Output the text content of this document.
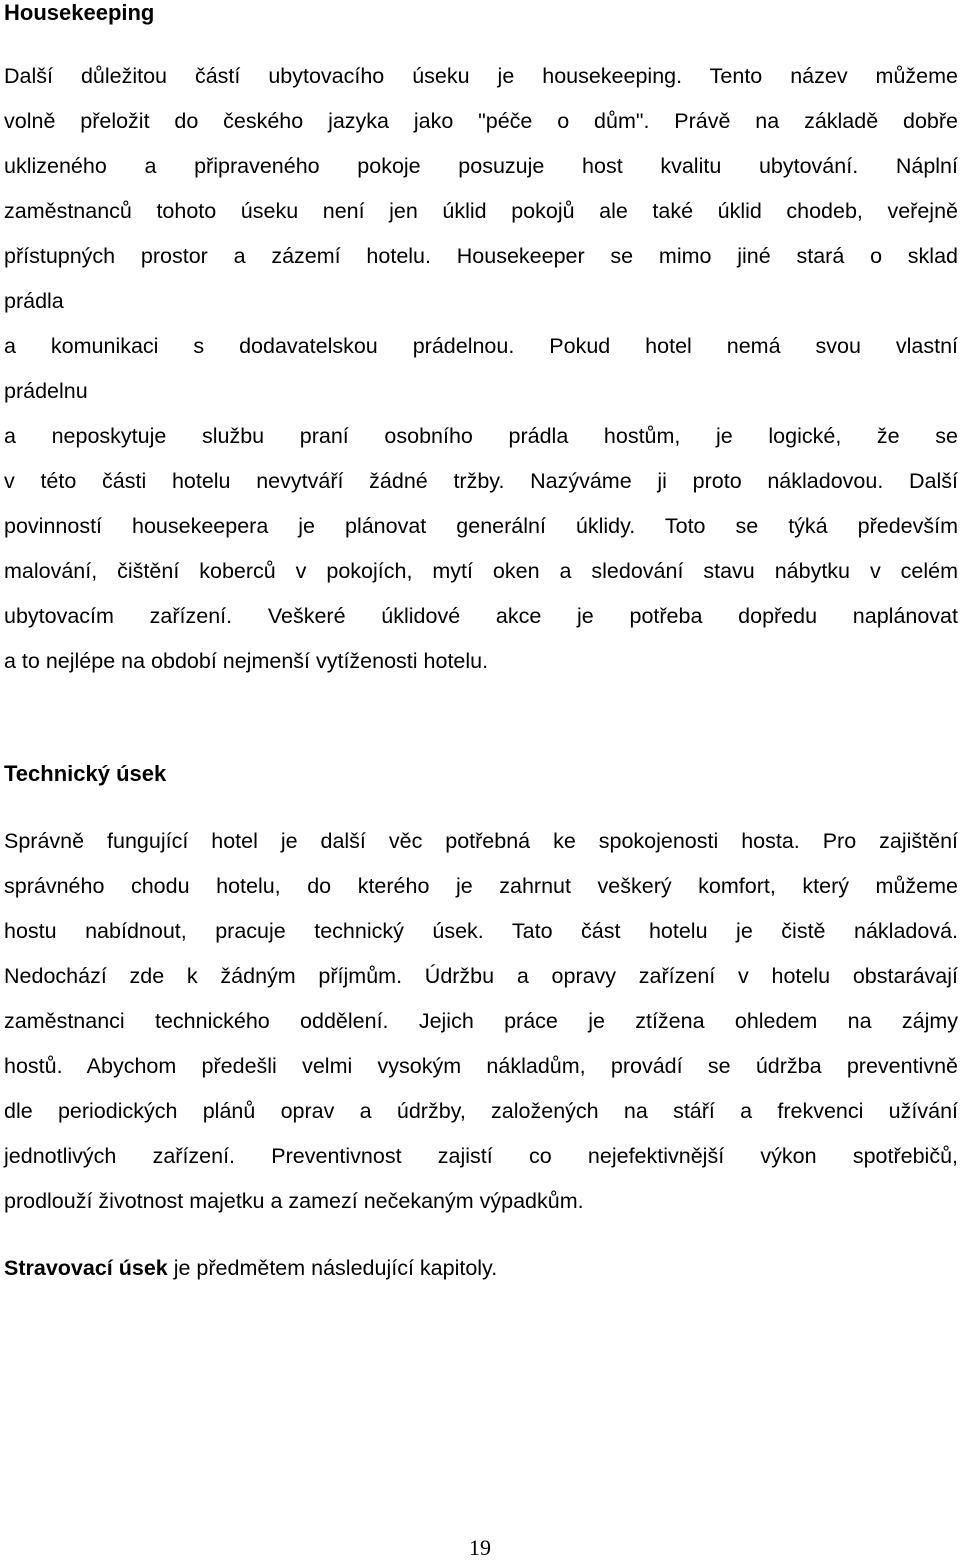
Housekeeping
Další důležitou částí ubytovacího úseku je housekeeping. Tento název můžeme
volně přeložit do českého jazyka jako "péče o dům". Právě na základě dobře
uklizeného a připraveného pokoje posuzuje host kvalitu ubytování. Náplní
zaměstnanců tohoto úseku není jen úklid pokojů ale také úklid chodeb, veřejně
přístupných prostor a zázemí hotelu. Housekeeper se mimo jiné stará o sklad
prádla
a komunikaci s dodavatelskou prádelnou. Pokud hotel nemá svou vlastní
prádelnu
a neposkytuje službu praní osobního prádla hostům, je logické, že se
v této části hotelu nevytváří žádné tržby. Nazýváme ji proto nákladovou. Další
povinností housekeepera je plánovat generální úklidy. Toto se týká především
malování, čištění koberců v pokojích, mytí oken a sledování stavu nábytku v celém
ubytovacím zařízení. Veškeré úklidové akce je potřeba dopředu naplánovat
a to nejlépe na období nejmenší vytíženosti hotelu.
Technický úsek
Správně fungující hotel je další věc potřebná ke spokojenosti hosta. Pro zajištění
správného chodu hotelu, do kterého je zahrnut veškerý komfort, který můžeme
hostu nabídnout, pracuje technický úsek. Tato část hotelu je čistě nákladová.
Nedochází zde k žádným příjmům. Údržbu a opravy zařízení v hotelu obstarávají
zaměstnanci technického oddělení. Jejich práce je ztížena ohledem na zájmy
hostů. Abychom předešli velmi vysokým nákladům, provádí se údržba preventivně
dle periodických plánů oprav a údržby, založených na stáří a frekvenci užívání
jednotlivých zařízení. Preventivnost zajistí co nejefektivnější výkon spotřebičů,
prodlouží životnost majetku a zamezí nečekaným výpadkům.

Stravovací úsek je předmětem následující kapitoly.

19
